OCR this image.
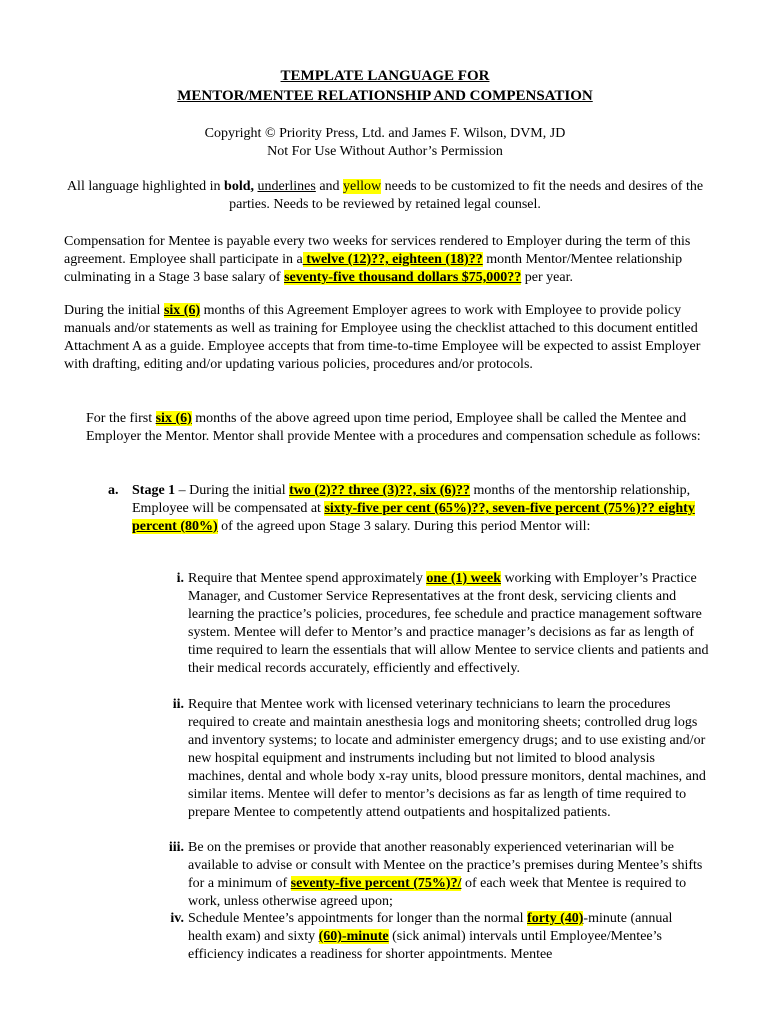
TEMPLATE LANGUAGE FOR
MENTOR/MENTEE RELATIONSHIP AND COMPENSATION
Copyright © Priority Press, Ltd. and James F. Wilson, DVM, JD
Not For Use Without Author’s Permission

All language highlighted in bold, underlines and yellow needs to be customized to fit the needs and desires of the parties. Needs to be reviewed by retained legal counsel.

Compensation for Mentee is payable every two weeks for services rendered to Employer during the term of this agreement. Employee shall participate in a twelve (12)??, eighteen (18)?? month Mentor/Mentee relationship culminating in a Stage 3 base salary of seventy-five thousand dollars $75,000?? per year.

During the initial six (6) months of this Agreement Employer agrees to work with Employee to provide policy manuals and/or statements as well as training for Employee using the checklist attached to this document entitled Attachment A as a guide. Employee accepts that from time-to-time Employee will be expected to assist Employer with drafting, editing and/or updating various policies, procedures and/or protocols.

For the first six (6) months of the above agreed upon time period, Employee shall be called the Mentee and Employer the Mentor. Mentor shall provide Mentee with a procedures and compensation schedule as follows:

a. Stage 1 – During the initial two (2)?? three (3)??, six (6)?? months of the mentorship relationship, Employee will be compensated at sixty-five per cent (65%)??, seven-five percent (75%)?? eighty percent (80%) of the agreed upon Stage 3 salary. During this period Mentor will:

i. Require that Mentee spend approximately one (1) week working with Employer’s Practice Manager, and Customer Service Representatives at the front desk, servicing clients and learning the practice’s policies, procedures, fee schedule and practice management software system. Mentee will defer to Mentor’s and practice manager’s decisions as far as length of time required to learn the essentials that will allow Mentee to service clients and patients and their medical records accurately, efficiently and effectively.

ii. Require that Mentee work with licensed veterinary technicians to learn the procedures required to create and maintain anesthesia logs and monitoring sheets; controlled drug logs and inventory systems; to locate and administer emergency drugs; and to use existing and/or new hospital equipment and instruments including but not limited to blood analysis machines, dental and whole body x-ray units, blood pressure monitors, dental machines, and similar items. Mentee will defer to mentor’s decisions as far as length of time required to prepare Mentee to competently attend outpatients and hospitalized patients.

iii. Be on the premises or provide that another reasonably experienced veterinarian will be available to advise or consult with Mentee on the practice’s premises during Mentee’s shifts for a minimum of seventy-five percent (75%)?/ of each week that Mentee is required to work, unless otherwise agreed upon;

iv. Schedule Mentee’s appointments for longer than the normal forty (40)-minute (annual health exam) and sixty (60)-minute (sick animal) intervals until Employee/Mentee’s efficiency indicates a readiness for shorter appointments. Mentee
